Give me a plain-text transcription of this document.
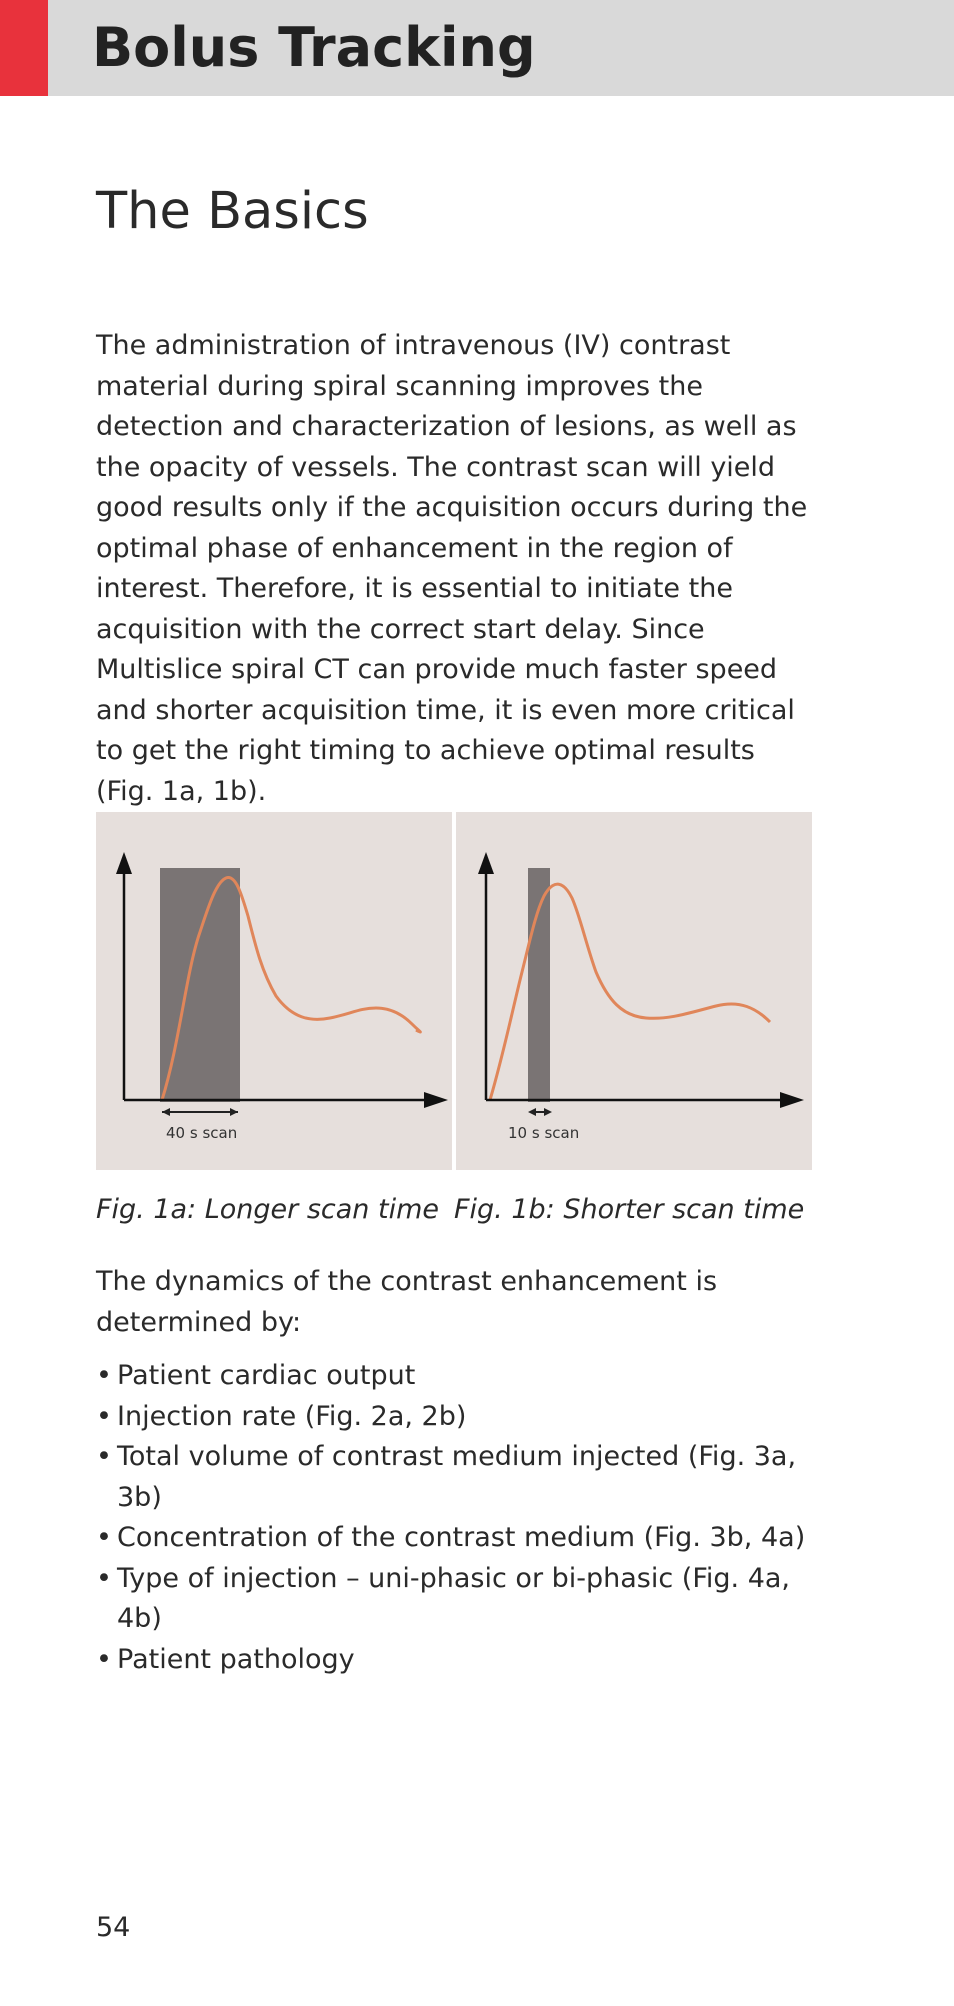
Bolus Tracking
The Basics

The administration of intravenous (IV) contrast material during spiral scanning improves the detection and characterization of lesions, as well as the opacity of vessels. The contrast scan will yield good results only if the acquisition occurs during the optimal phase of enhancement in the region of interest. Therefore, it is essential to initiate the acquisition with the correct start delay. Since Multislice spiral CT can provide much faster speed and shorter acquisition time, it is even more critical to get the right timing to achieve optimal results (Fig. 1a, 1b).

40 s scan	10 s scan

Fig. 1a: Longer scan time Fig. 1b: Shorter scan time

The dynamics of the contrast enhancement is determined by:

• Patient cardiac output
• Injection rate (Fig. 2a, 2b)
• Total volume of contrast medium injected (Fig. 3a, 3b)
• Concentration of the contrast medium (Fig. 3b, 4a)
• Type of injection – uni-phasic or bi-phasic (Fig. 4a, 4b)
• Patient pathology

54
